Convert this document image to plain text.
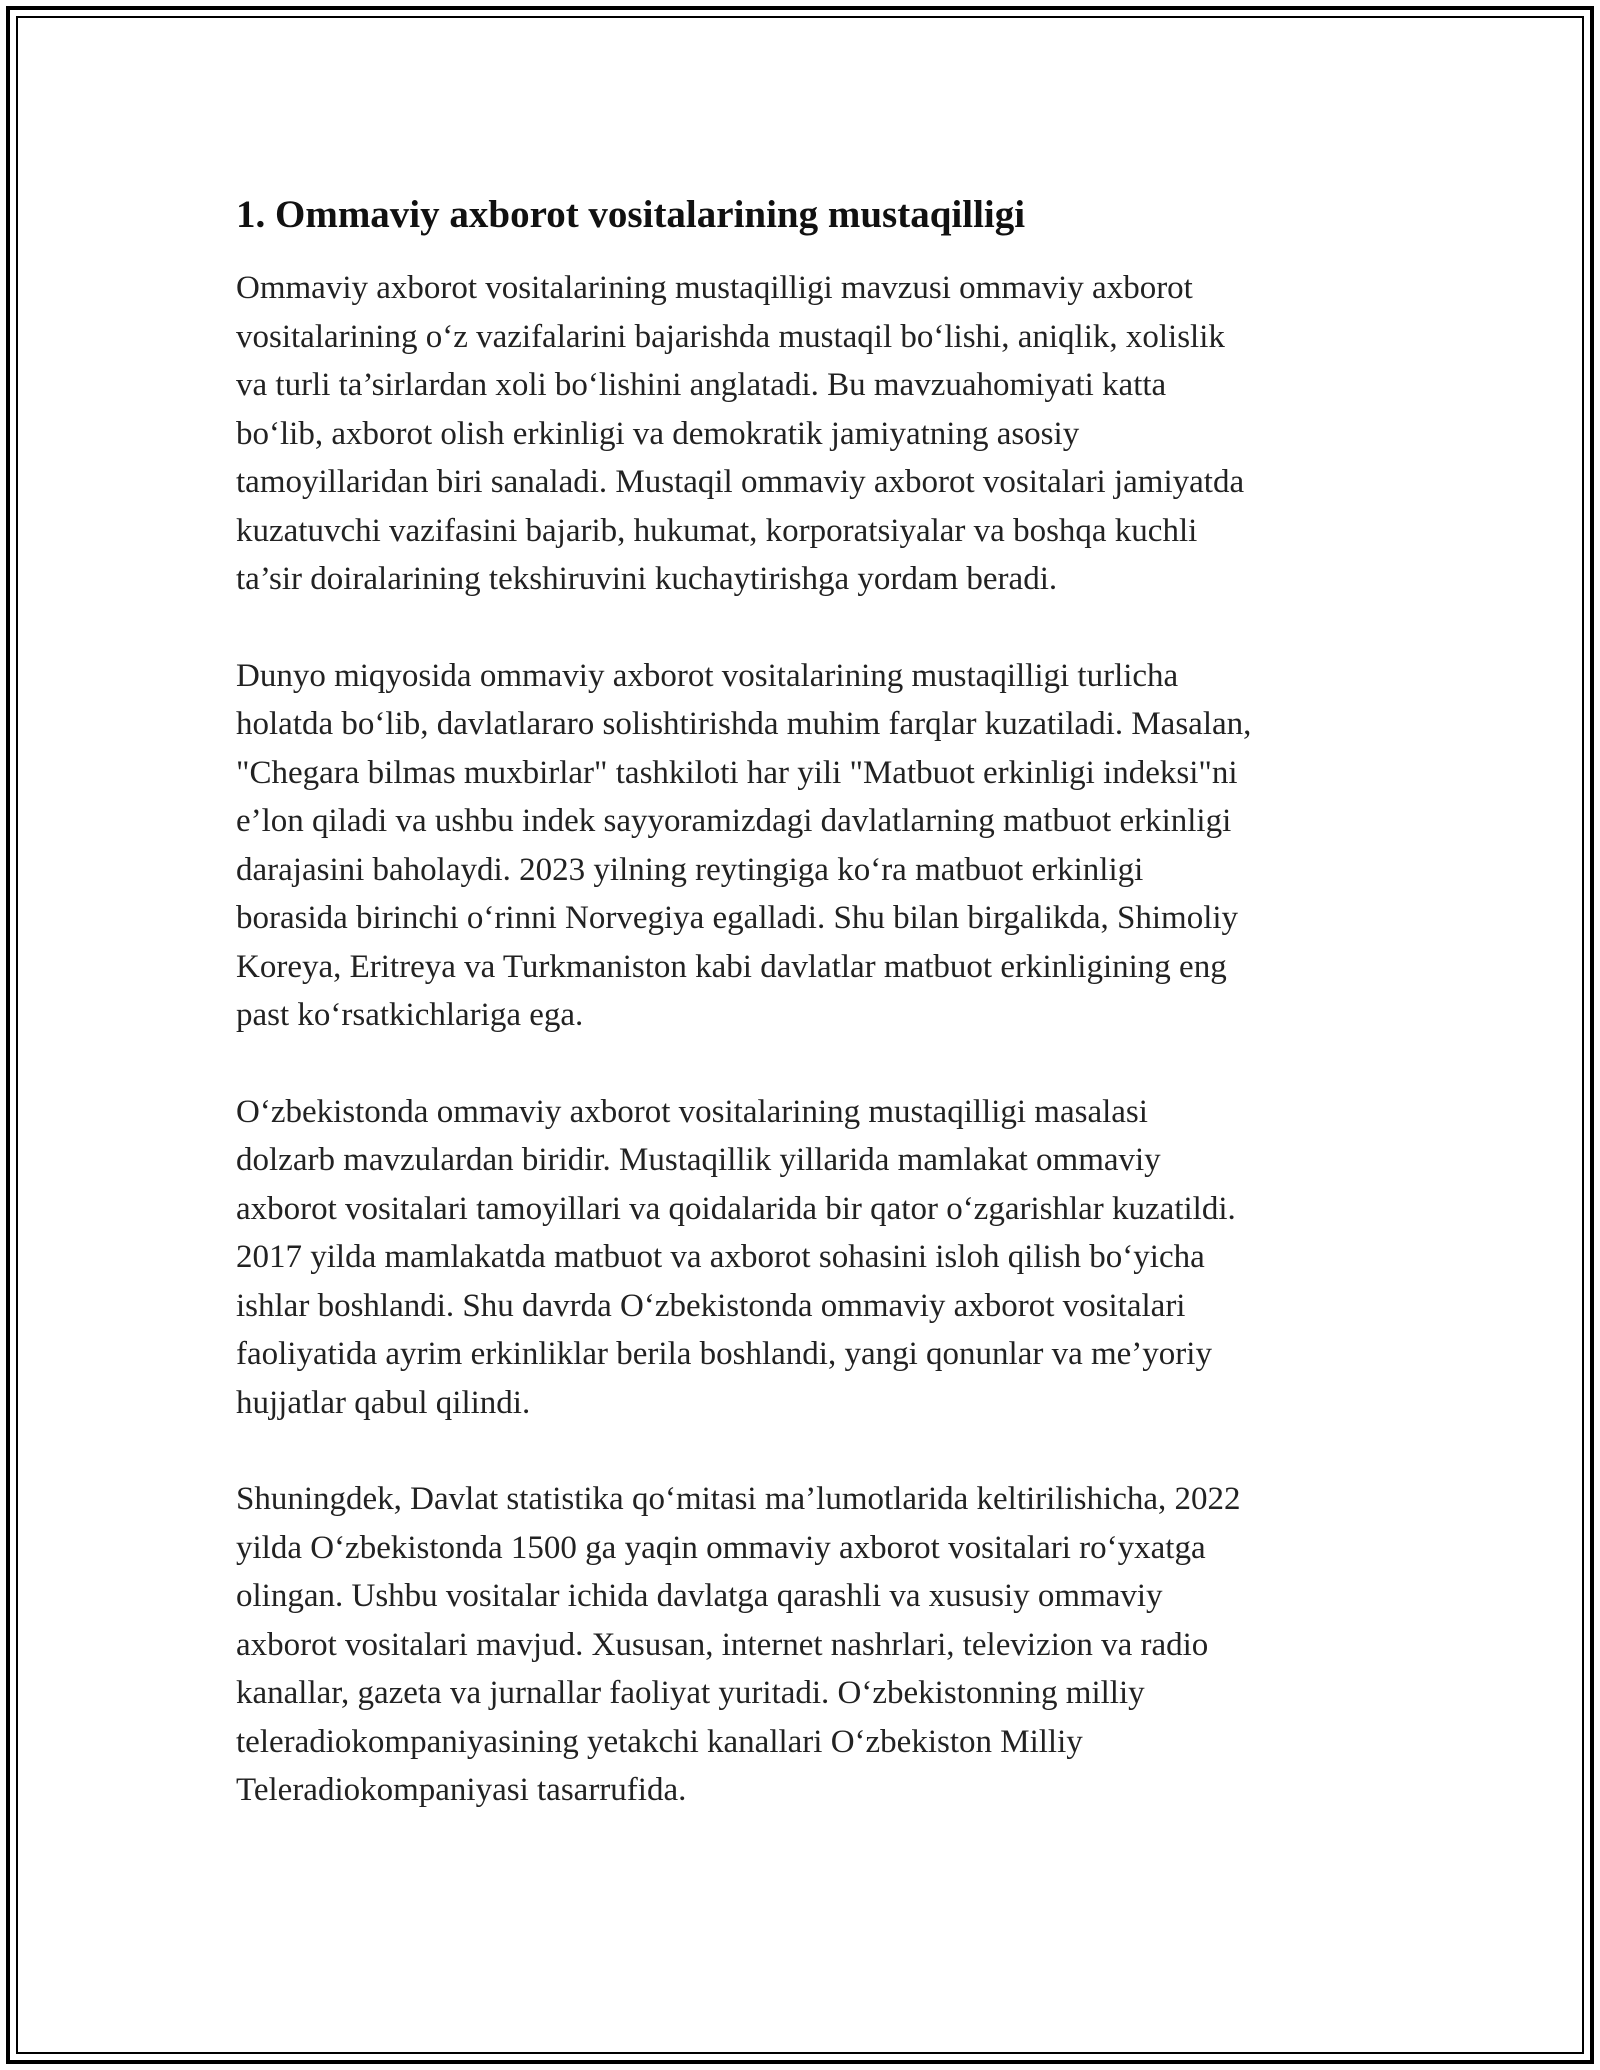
1. Ommaviy axborot vositalarining mustaqilligi

Ommaviy axborot vositalarining mustaqilligi mavzusi ommaviy axborot
vositalarining o‘z vazifalarini bajarishda mustaqil bo‘lishi, aniqlik, xolislik
va turli ta’sirlardan xoli bo‘lishini anglatadi. Bu mavzuahomiyati katta
bo‘lib, axborot olish erkinligi va demokratik jamiyatning asosiy
tamoyillaridan biri sanaladi. Mustaqil ommaviy axborot vositalari jamiyatda
kuzatuvchi vazifasini bajarib, hukumat, korporatsiyalar va boshqa kuchli
ta’sir doiralarining tekshiruvini kuchaytirishga yordam beradi.

Dunyo miqyosida ommaviy axborot vositalarining mustaqilligi turlicha
holatda bo‘lib, davlatlararo solishtirishda muhim farqlar kuzatiladi. Masalan,
"Chegara bilmas muxbirlar" tashkiloti har yili "Matbuot erkinligi indeksi"ni
e’lon qiladi va ushbu indek sayyoramizdagi davlatlarning matbuot erkinligi
darajasini baholaydi. 2023 yilning reytingiga ko‘ra matbuot erkinligi
borasida birinchi o‘rinni Norvegiya egalladi. Shu bilan birgalikda, Shimoliy
Koreya, Eritreya va Turkmaniston kabi davlatlar matbuot erkinligining eng
past ko‘rsatkichlariga ega.

O‘zbekistonda ommaviy axborot vositalarining mustaqilligi masalasi
dolzarb mavzulardan biridir. Mustaqillik yillarida mamlakat ommaviy
axborot vositalari tamoyillari va qoidalarida bir qator o‘zgarishlar kuzatildi.
2017 yilda mamlakatda matbuot va axborot sohasini isloh qilish bo‘yicha
ishlar boshlandi. Shu davrda O‘zbekistonda ommaviy axborot vositalari
faoliyatida ayrim erkinliklar berila boshlandi, yangi qonunlar va me’yoriy
hujjatlar qabul qilindi.

Shuningdek, Davlat statistika qo‘mitasi ma’lumotlarida keltirilishicha, 2022
yilda O‘zbekistonda 1500 ga yaqin ommaviy axborot vositalari ro‘yxatga
olingan. Ushbu vositalar ichida davlatga qarashli va xususiy ommaviy
axborot vositalari mavjud. Xususan, internet nashrlari, televizion va radio
kanallar, gazeta va jurnallar faoliyat yuritadi. O‘zbekistonning milliy
teleradiokompaniyasining yetakchi kanallari O‘zbekiston Milliy
Teleradiokompaniyasi tasarrufida.
